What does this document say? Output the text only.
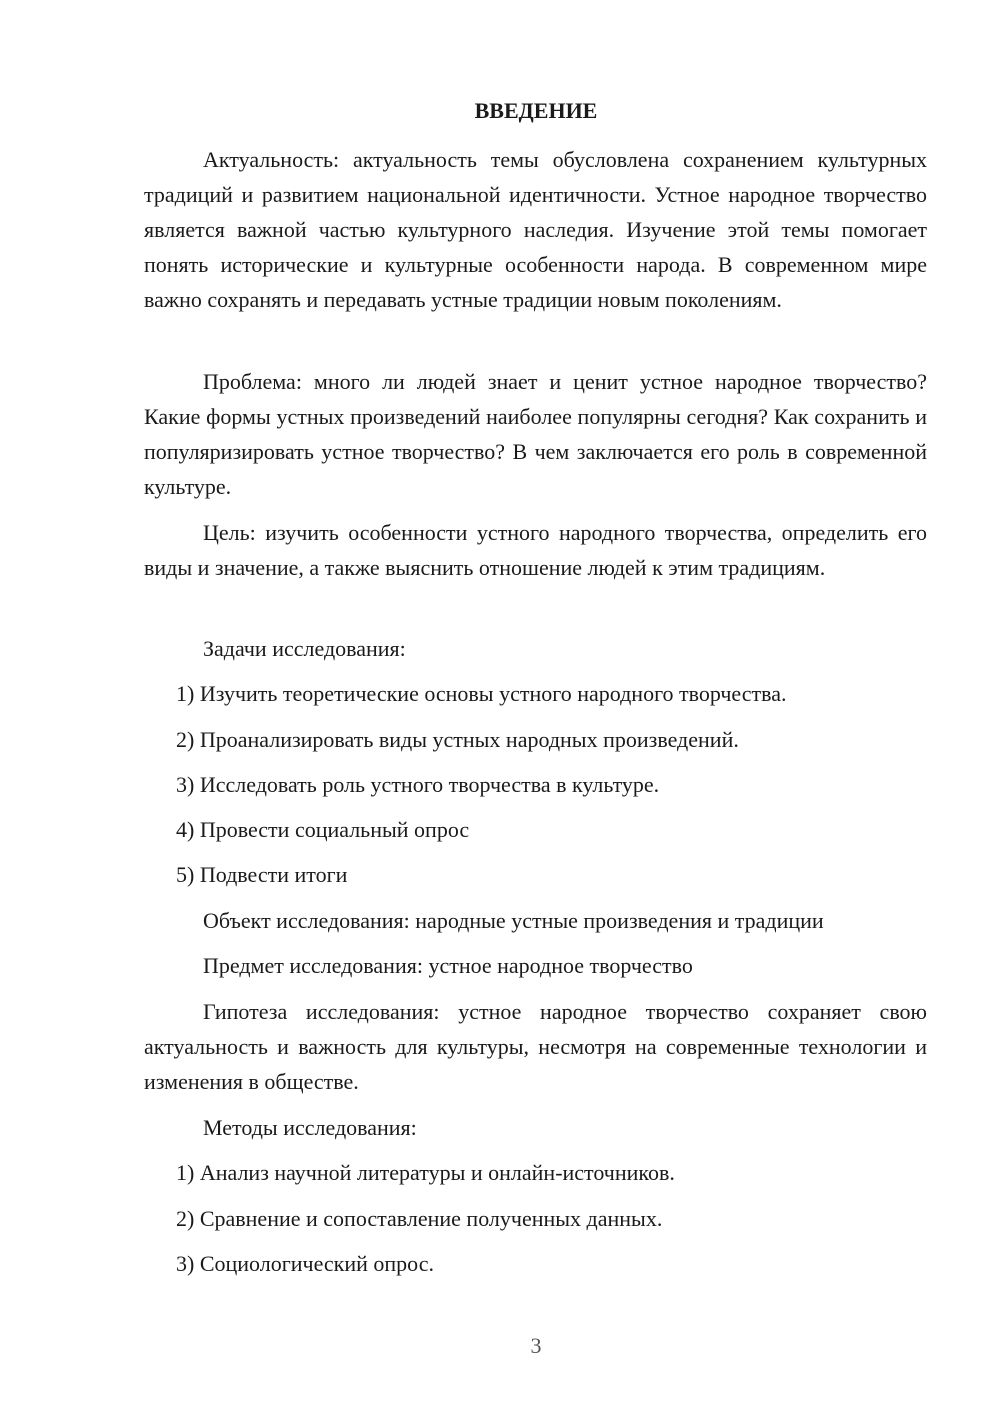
ВВЕДЕНИЕ

Актуальность: актуальность темы обусловлена сохранением культурных традиций и развитием национальной идентичности. Устное народное творчество является важной частью культурного наследия. Изучение этой темы помогает понять исторические и культурные особенности народа. В современном мире важно сохранять и передавать устные традиции новым поколениям.

Проблема: много ли людей знает и ценит устное народное творчество? Какие формы устных произведений наиболее популярны сегодня? Как сохранить и популяризировать устное творчество? В чем заключается его роль в современной культуре.

Цель: изучить особенности устного народного творчества, определить его виды и значение, а также выяснить отношение людей к этим традициям.

Задачи исследования:

1) Изучить теоретические основы устного народного творчества.

2) Проанализировать виды устных народных произведений.

3) Исследовать роль устного творчества в культуре.

4) Провести социальный опрос

5) Подвести итоги

Объект исследования: народные устные произведения и традиции

Предмет исследования: устное народное творчество

Гипотеза исследования: устное народное творчество сохраняет свою актуальность и важность для культуры, несмотря на современные технологии и изменения в обществе.

Методы исследования:

1) Анализ научной литературы и онлайн-источников.

2) Сравнение и сопоставление полученных данных.

3) Социологический опрос.

3
